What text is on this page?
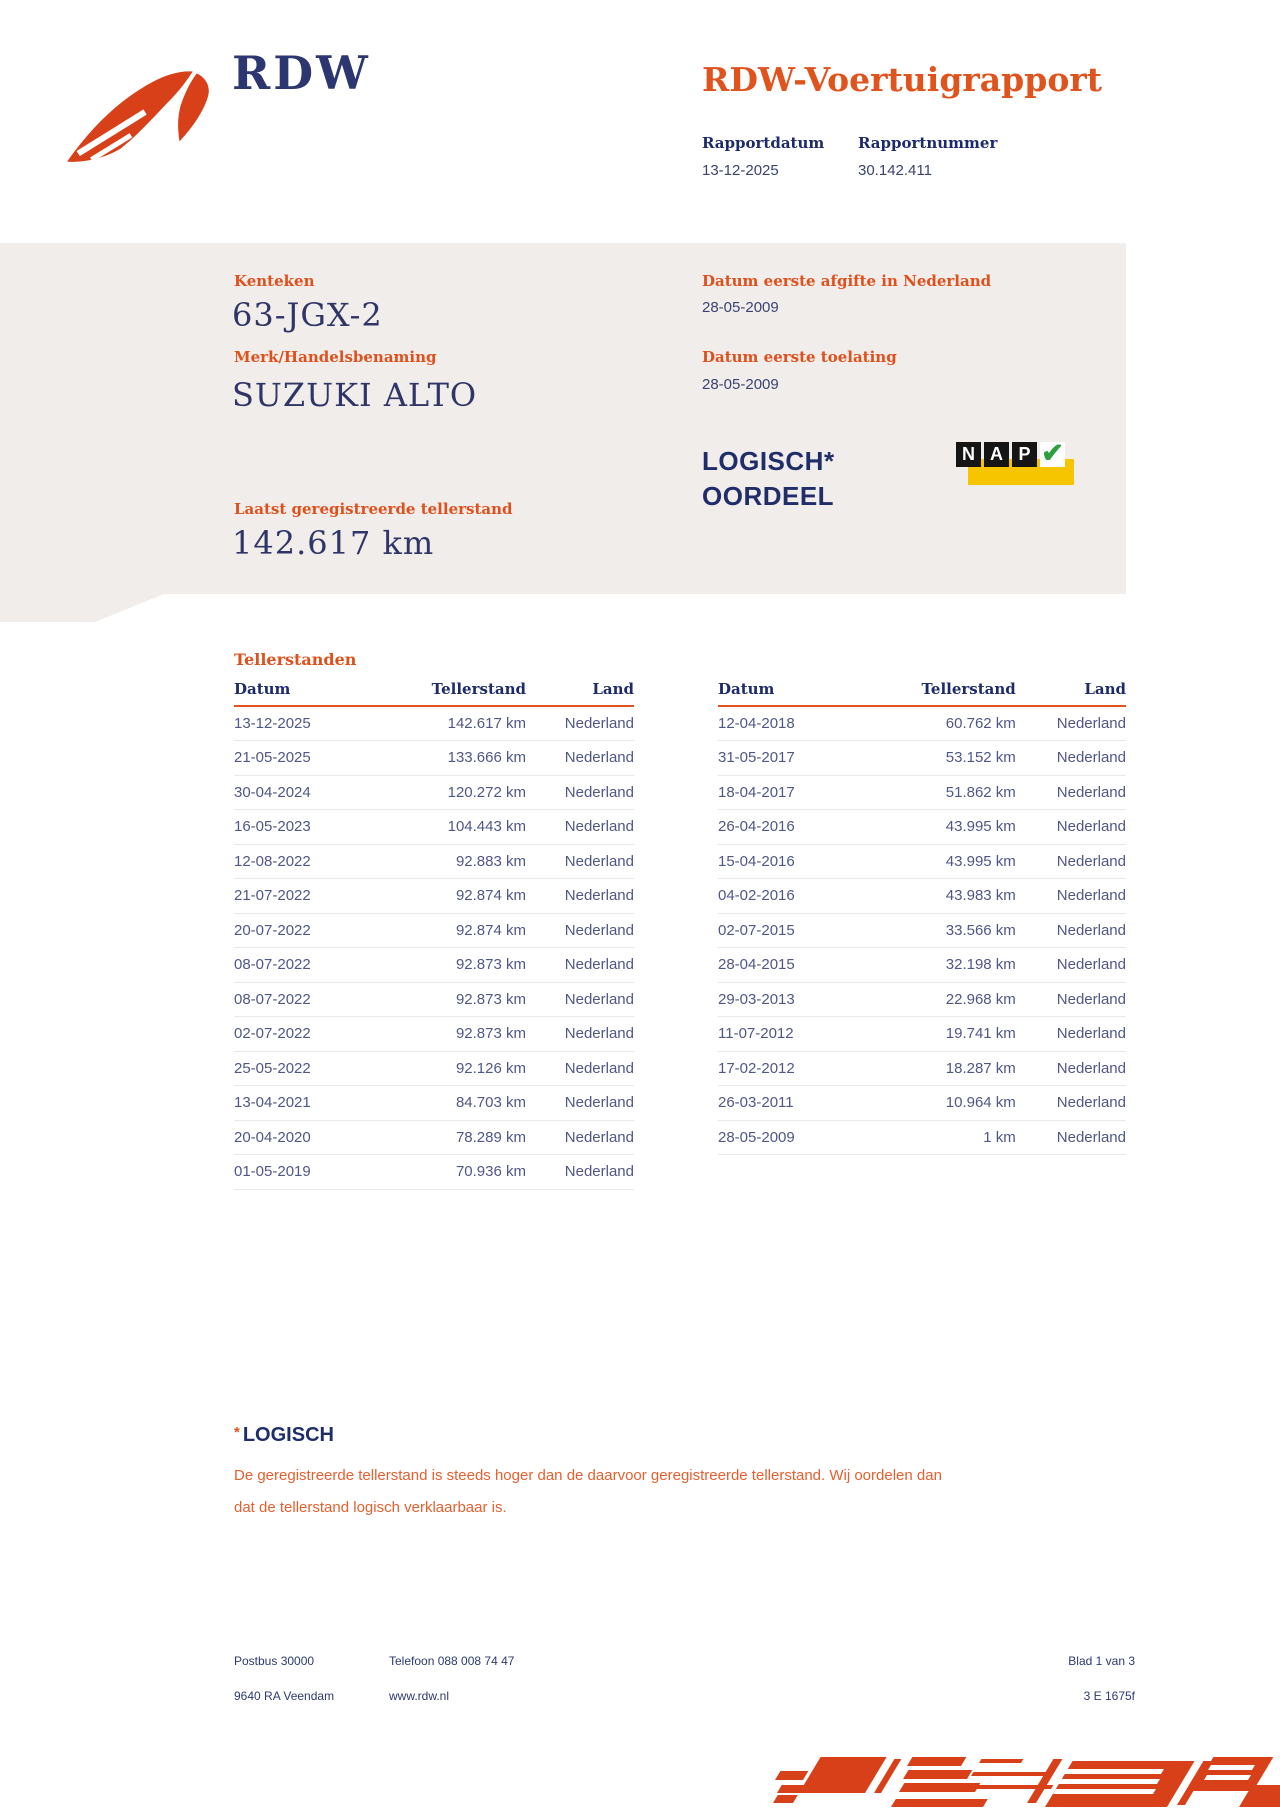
RDW	RDW-Voertuigrapport
Rapportdatum
13-12-2025
Rapportnummer
30.142.411
Kenteken
63-JGX-2
Merk/Handelsbenaming
SUZUKI ALTO
Laatst geregistreerde tellerstand
142.617 km
Datum eerste afgifte in Nederland
28-05-2009
Datum eerste toelating
28-05-2009
LOGISCH*
OORDEEL
N A P ✔
Tellerstanden
Datum	Tellerstand	Land
13-12-2025	142.617 km	Nederland
21-05-2025	133.666 km	Nederland
30-04-2024	120.272 km	Nederland
16-05-2023	104.443 km	Nederland
12-08-2022	92.883 km	Nederland
21-07-2022	92.874 km	Nederland
20-07-2022	92.874 km	Nederland
08-07-2022	92.873 km	Nederland
08-07-2022	92.873 km	Nederland
02-07-2022	92.873 km	Nederland
25-05-2022	92.126 km	Nederland
13-04-2021	84.703 km	Nederland
20-04-2020	78.289 km	Nederland
01-05-2019	70.936 km	Nederland
Datum	Tellerstand	Land
12-04-2018	60.762 km	Nederland
31-05-2017	53.152 km	Nederland
18-04-2017	51.862 km	Nederland
26-04-2016	43.995 km	Nederland
15-04-2016	43.995 km	Nederland
04-02-2016	43.983 km	Nederland
02-07-2015	33.566 km	Nederland
28-04-2015	32.198 km	Nederland
29-03-2013	22.968 km	Nederland
11-07-2012	19.741 km	Nederland
17-02-2012	18.287 km	Nederland
26-03-2011	10.964 km	Nederland
28-05-2009	1 km	Nederland
* LOGISCH
De geregistreerde tellerstand is steeds hoger dan de daarvoor geregistreerde tellerstand. Wij oordelen dan
dat de tellerstand logisch verklaarbaar is.
Postbus 30000	Telefoon 088 008 74 47	Blad 1 van 3
9640 RA Veendam	www.rdw.nl	3 E 1675f
